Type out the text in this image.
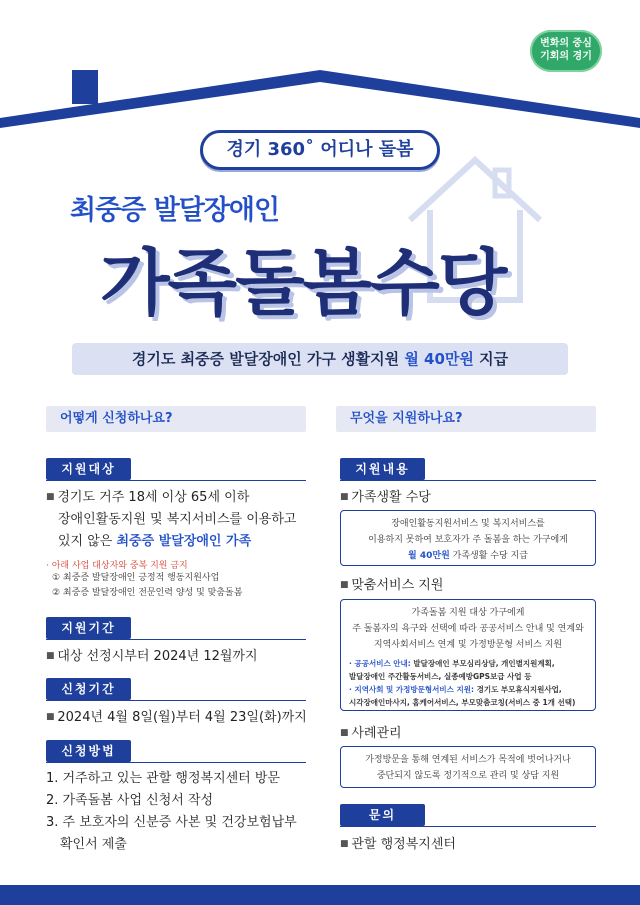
변화의 중심
기회의 경기
경기 360˚ 어디나 돌봄
최중증 발달장애인
가족돌봄수당
경기도 최중증 발달장애인 가구 생활지원 월 40만원 지급
어떻게 신청하나요?
지원대상
■ 경기도 거주 18세 이상 65세 이하
장애인활동지원 및 복지서비스를 이용하고
있지 않은 최중증 발달장애인 가족
· 아래 사업 대상자와 중복 지원 금지
① 최중증 발달장애인 긍정적 행동지원사업
② 최중증 발달장애인 전문인력 양성 및 맞춤돌봄
지원기간
■ 대상 선정시부터 2024년 12월까지
신청기간
■ 2024년 4월 8일(월)부터 4월 23일(화)까지
신청방법
1. 거주하고 있는 관할 행정복지센터 방문
2. 가족돌봄 사업 신청서 작성
3. 주 보호자의 신분증 사본 및 건강보험납부
확인서 제출
무엇을 지원하나요?
지원내용
■ 가족생활 수당
장애인활동지원서비스 및 복지서비스를
이용하지 못하여 보호자가 주 돌봄을 하는 가구에게
월 40만원 가족생활 수당 지급
■ 맞춤서비스 지원
가족돌봄 지원 대상 가구에게
주 돌봄자의 욕구와 선택에 따라 공공서비스 안내 및 연계와
지역사회서비스 연계 및 가정방문형 서비스 지원
· 공공서비스 안내: 발달장애인 부모심리상담, 개인별지원계획,
발달장애인 주간활동서비스, 실종예방GPS보급 사업 등
· 지역사회 및 가정방문형서비스 지원: 경기도 부모휴식지원사업,
시각장애인마사지, 홈케어서비스, 부모맞춤코칭(서비스 중 1개 선택)
■ 사례관리
가정방문을 통해 연계된 서비스가 목적에 벗어나거나
중단되지 않도록 정기적으로 관리 및 상담 지원
문의
■ 관할 행정복지센터
